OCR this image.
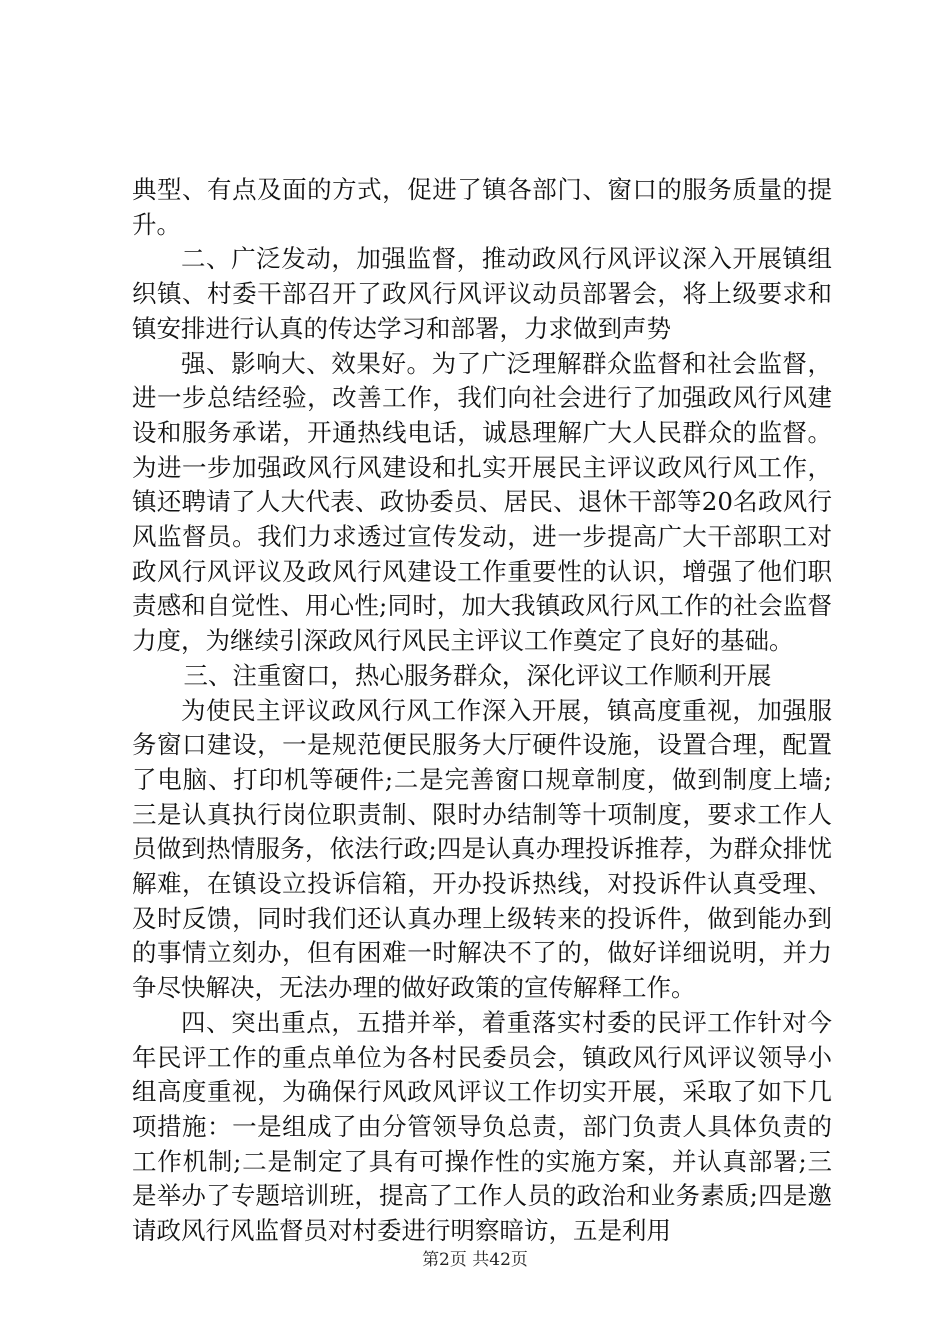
典型、有点及面的方式，促进了镇各部门、窗口的服务质量的提升。

二、广泛发动，加强监督，推动政风行风评议深入开展镇组织镇、村委干部召开了政风行风评议动员部署会，将上级要求和镇安排进行认真的传达学习和部署，力求做到声势

强、影响大、效果好。为了广泛理解群众监督和社会监督，进一步总结经验，改善工作，我们向社会进行了加强政风行风建设和服务承诺，开通热线电话，诚恳理解广大人民群众的监督。为进一步加强政风行风建设和扎实开展民主评议政风行风工作，镇还聘请了人大代表、政协委员、居民、退休干部等20名政风行风监督员。我们力求透过宣传发动，进一步提高广大干部职工对政风行风评议及政风行风建设工作重要性的认识，增强了他们职责感和自觉性、用心性;同时，加大我镇政风行风工作的社会监督力度，为继续引深政风行风民主评议工作奠定了良好的基础。

三、注重窗口，热心服务群众，深化评议工作顺利开展

为使民主评议政风行风工作深入开展，镇高度重视，加强服务窗口建设，一是规范便民服务大厅硬件设施，设置合理，配置了电脑、打印机等硬件;二是完善窗口规章制度，做到制度上墙;三是认真执行岗位职责制、限时办结制等十项制度，要求工作人员做到热情服务，依法行政;四是认真办理投诉推荐，为群众排忧解难，在镇设立投诉信箱，开办投诉热线，对投诉件认真受理、及时反馈，同时我们还认真办理上级转来的投诉件，做到能办到的事情立刻办，但有困难一时解决不了的，做好详细说明，并力争尽快解决，无法办理的做好政策的宣传解释工作。

四、突出重点，五措并举，着重落实村委的民评工作针对今年民评工作的重点单位为各村民委员会，镇政风行风评议领导小组高度重视，为确保行风政风评议工作切实开展，采取了如下几项措施：一是组成了由分管领导负总责，部门负责人具体负责的工作机制;二是制定了具有可操作性的实施方案，并认真部署;三是举办了专题培训班，提高了工作人员的政治和业务素质;四是邀请政风行风监督员对村委进行明察暗访，五是利用

第2页 共42页
